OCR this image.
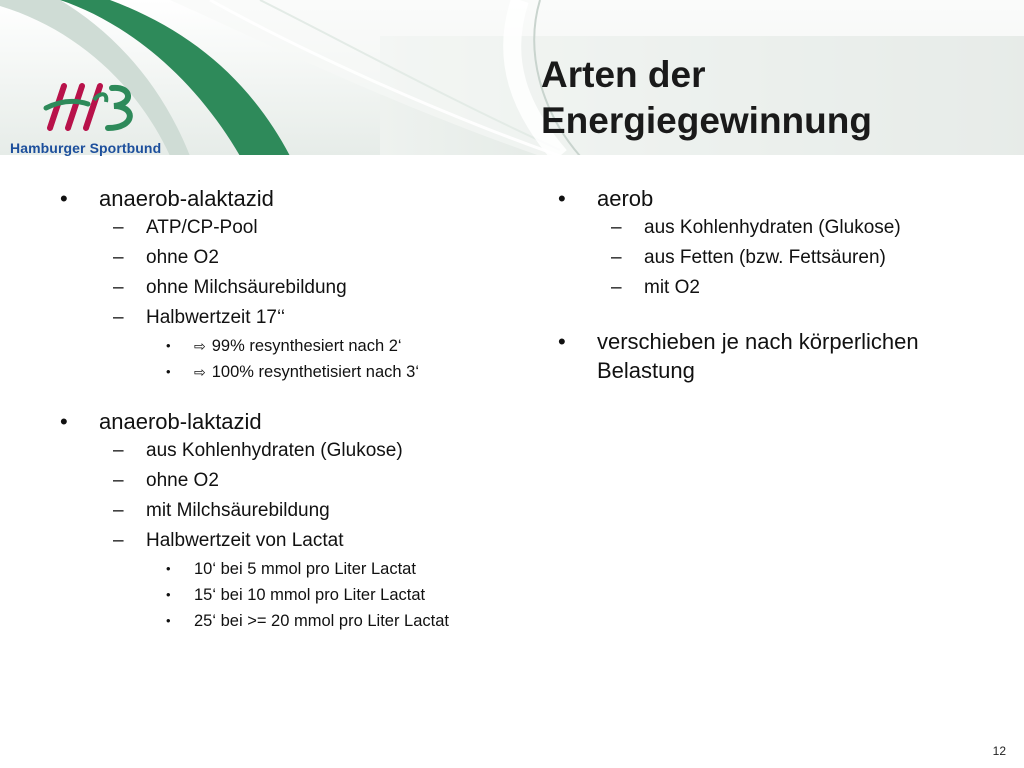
Hamburger Sportbund
Arten der
Energiegewinnung
• anaerob-alaktazid
– ATP/CP-Pool
– ohne O2
– ohne Milchsäurebildung
– Halbwertzeit 17‘‘
• ⇨ 99% resynthesiert nach 2‘
• ⇨ 100% resynthetisiert nach 3‘
• anaerob-laktazid
– aus Kohlenhydraten (Glukose)
– ohne O2
– mit Milchsäurebildung
– Halbwertzeit von Lactat
• 10‘ bei 5 mmol pro Liter Lactat
• 15‘ bei 10 mmol pro Liter Lactat
• 25‘ bei >= 20 mmol pro Liter Lactat
• aerob
– aus Kohlenhydraten (Glukose)
– aus Fetten (bzw. Fettsäuren)
– mit O2
• verschieben je nach körperlichen Belastung
12
